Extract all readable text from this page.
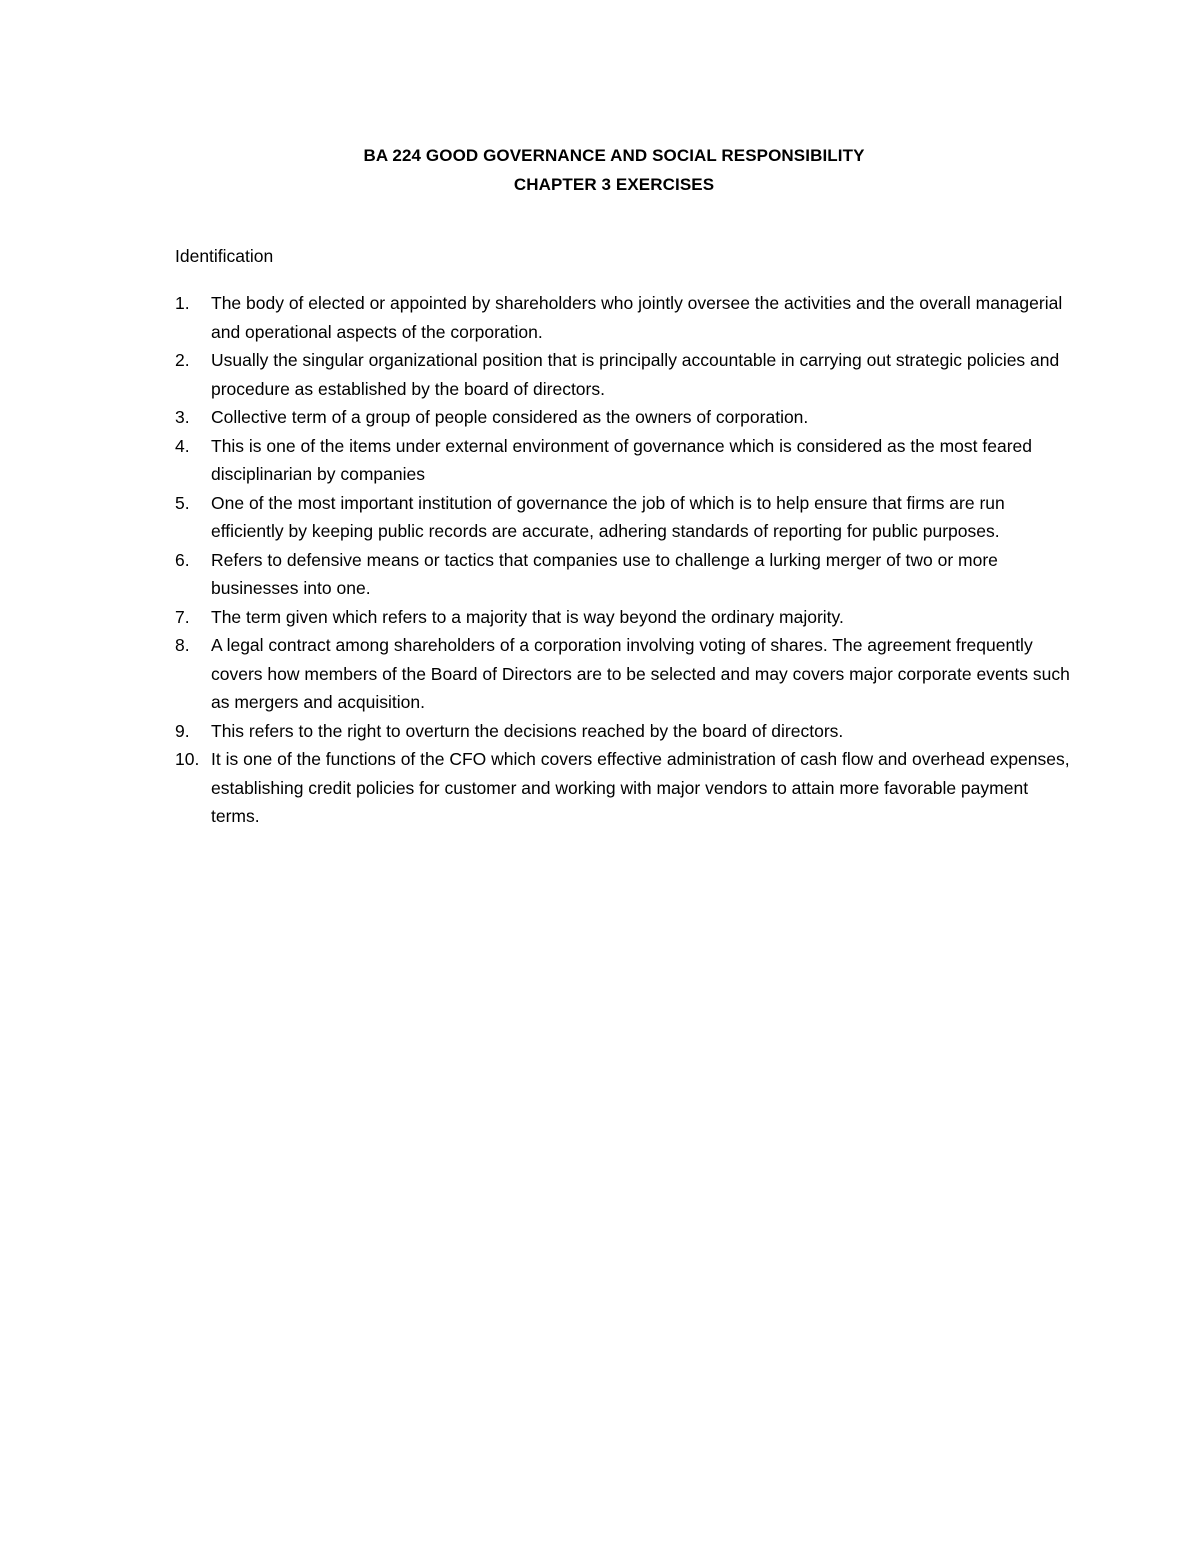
BA 224 GOOD GOVERNANCE AND SOCIAL RESPONSIBILITY
CHAPTER 3 EXERCISES
Identification
1.	The body of elected or appointed by shareholders who jointly oversee the activities and the overall managerial and operational aspects of the corporation.
2.	Usually the singular organizational position that is principally accountable in carrying out strategic policies and procedure as established by the board of directors.
3.	Collective term of a group of people considered as the owners of corporation.
4.	This is one of the items under external environment of governance which is considered as the most feared disciplinarian by companies
5.	One of the most important institution of governance the job of which is to help ensure that firms are run efficiently by keeping public records are accurate, adhering standards of reporting for public purposes.
6.	Refers to defensive means or tactics that companies use to challenge a lurking merger of two or more businesses into one.
7.	The term given which refers to a majority that is way beyond the ordinary majority.
8.	A legal contract among shareholders of a corporation involving voting of shares. The agreement frequently covers how members of the Board of Directors are to be selected and may covers major corporate events such as mergers and acquisition.
9.	This refers to the right to overturn the decisions reached by the board of directors.
10. It is one of the functions of the CFO which covers effective administration of cash flow and overhead expenses, establishing credit policies for customer and working with major vendors to attain more favorable payment terms.
